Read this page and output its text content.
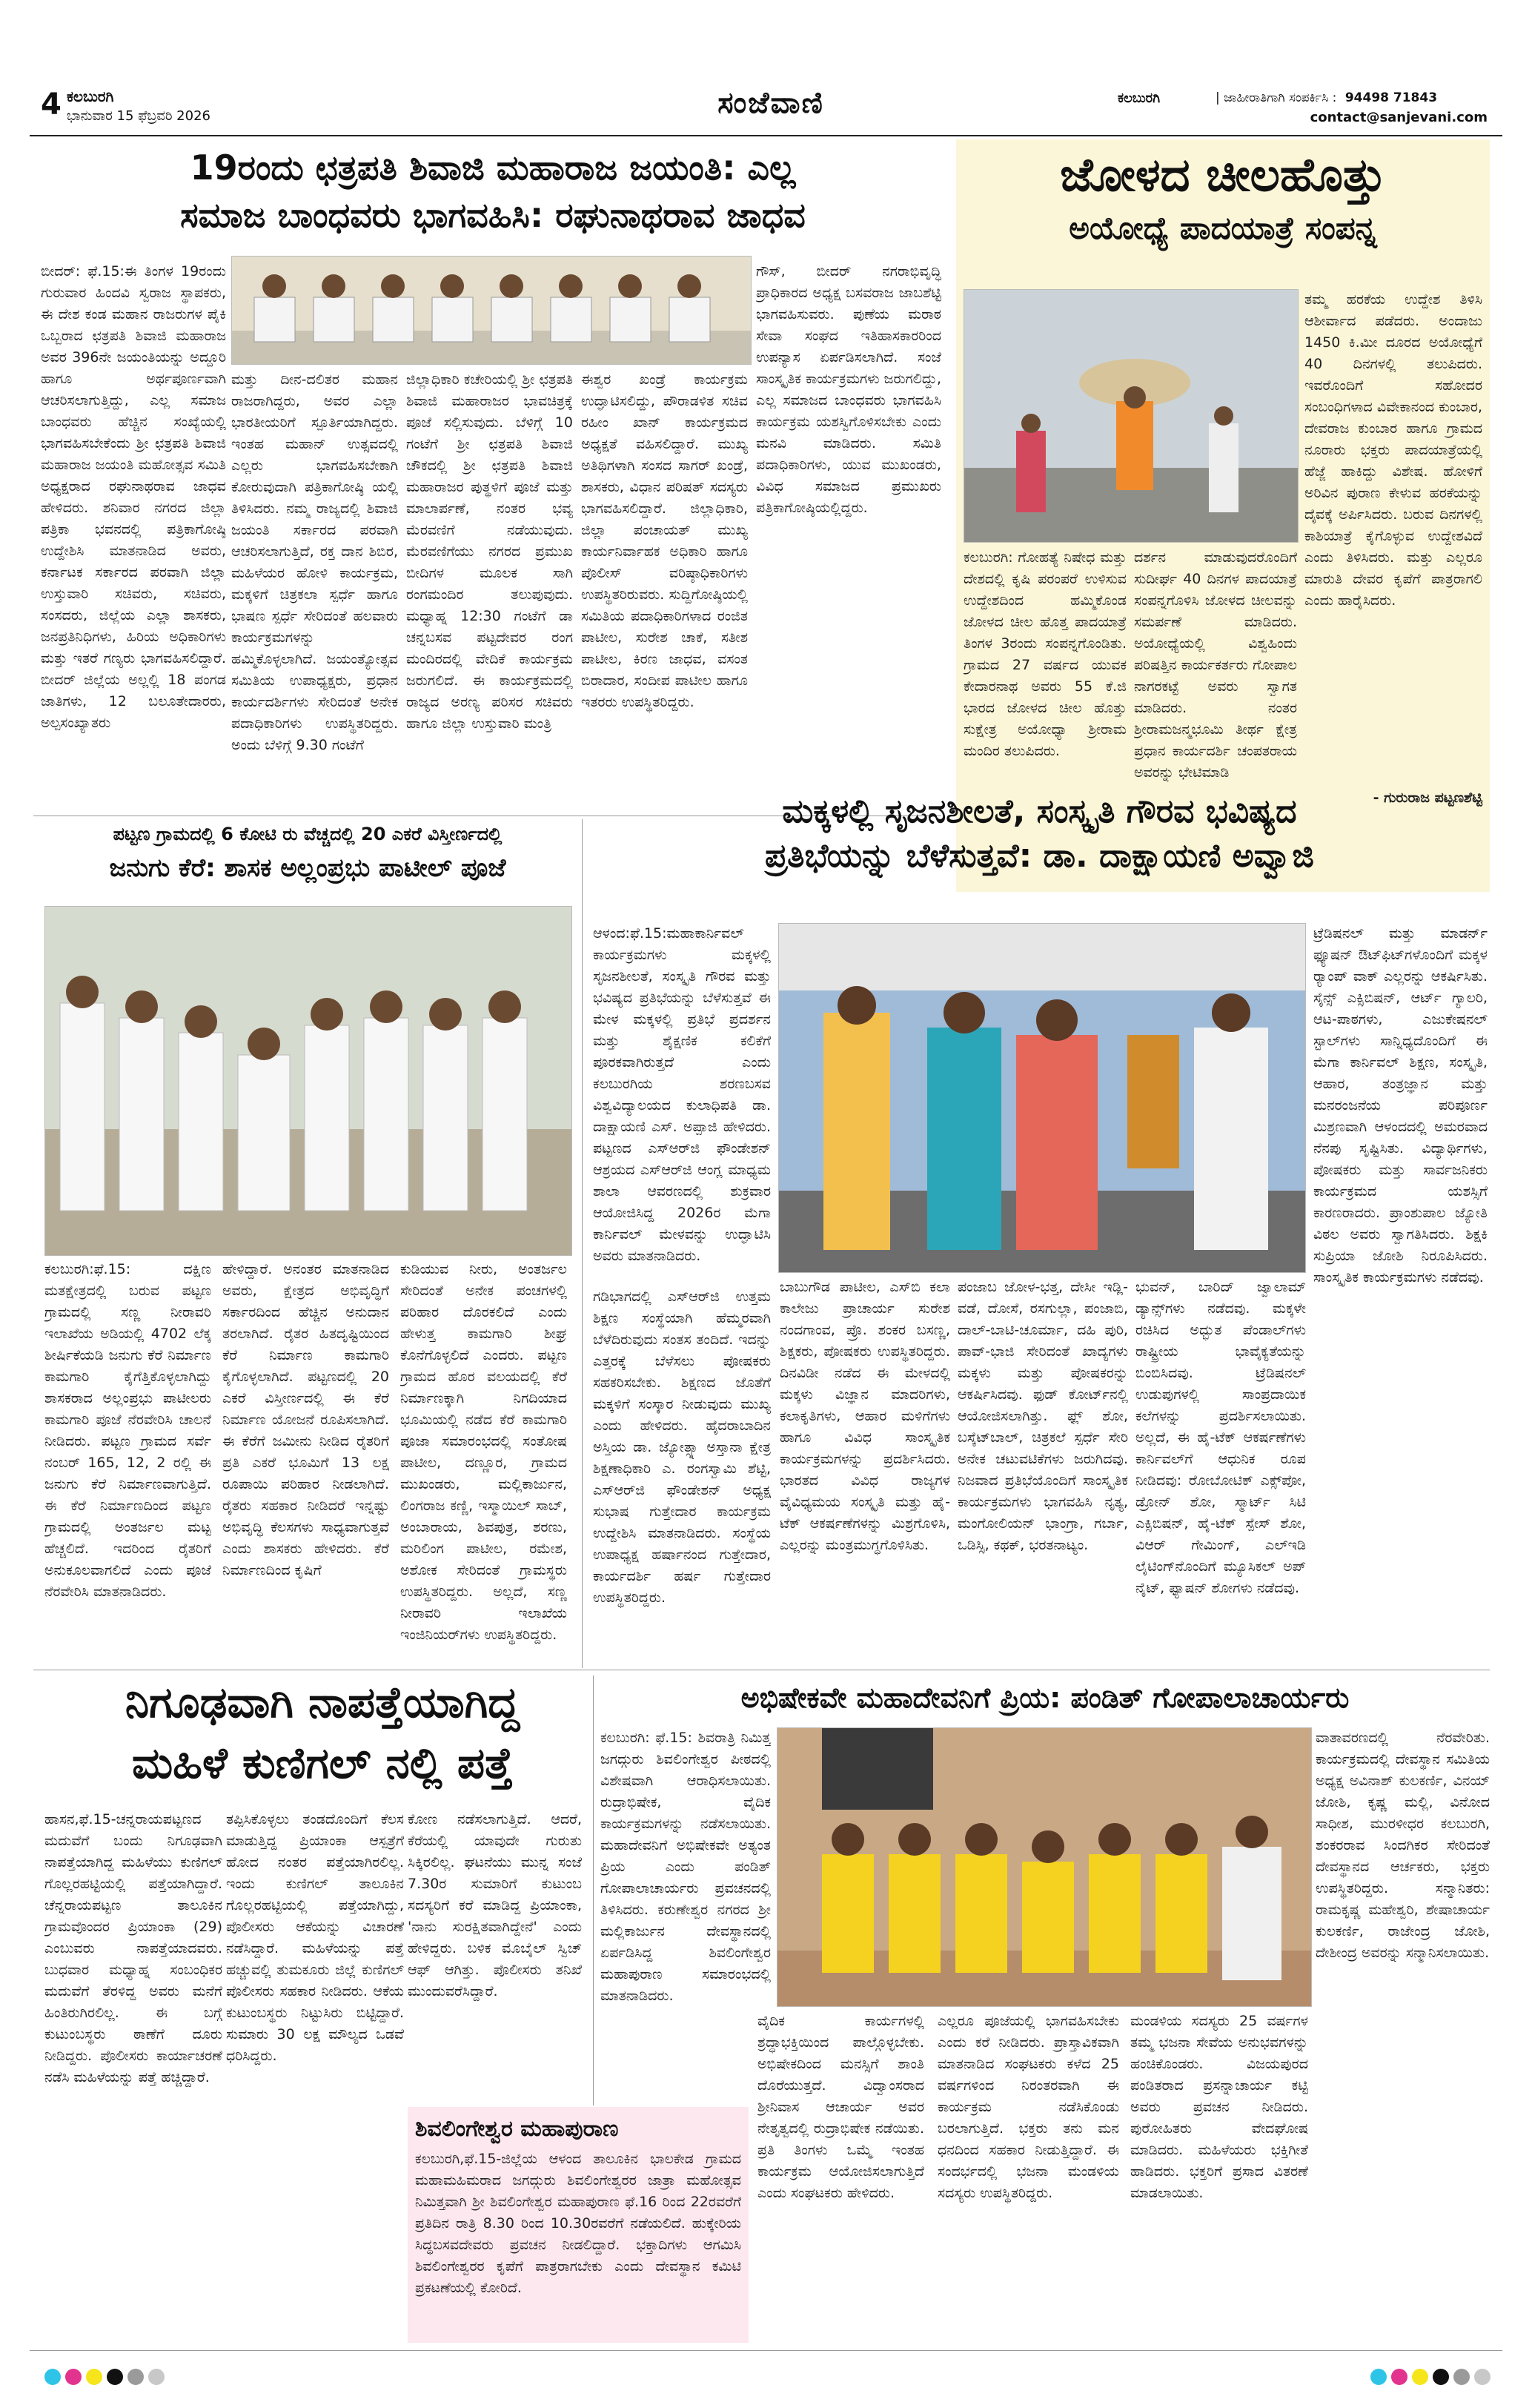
4 ಕಲಬುರಗಿ
ಭಾನುವಾರ 15 ಫೆಬ್ರವರಿ 2026	ಸಂಜೆವಾಣಿ	ಕಲಬುರಗಿ	| ಜಾಹೀರಾತಿಗಾಗಿ ಸಂಪರ್ಕಿಸಿ : 94498 71843
contact@sanjevani.com
19ರಂದು ಛತ್ರಪತಿ ಶಿವಾಜಿ ಮಹಾರಾಜ ಜಯಂತಿ: ಎಲ್ಲ
ಸಮಾಜ ಬಾಂಧವರು ಭಾಗವಹಿಸಿ: ರಘುನಾಥರಾವ ಜಾಧವ
ಬೀದರ್: ಫೆ.15:ಈ ತಿಂಗಳ 19ರಂದು ಗುರುವಾರ ಹಿಂದವಿ ಸ್ವರಾಜ ಸ್ಥಾಪಕರು, ಈ ದೇಶ ಕಂಡ ಮಹಾನ ರಾಜರುಗಳ ಪೈಕಿ ಒಬ್ಬರಾದ ಛತ್ರಪತಿ ಶಿವಾಜಿ ಮಹಾರಾಜ ಅವರ 396ನೇ ಜಯಂತಿಯನ್ನು ಅದ್ದೂರಿ ಹಾಗೂ ಅರ್ಥಪೂರ್ಣವಾಗಿ ಆಚರಿಸಲಾಗುತ್ತಿದ್ದು, ಎಲ್ಲ ಸಮಾಜ ಬಾಂಧವರು ಹೆಚ್ಚಿನ ಸಂಖ್ಯೆಯಲ್ಲಿ ಭಾಗವಹಿಸಬೇಕೆಂದು ಶ್ರೀ ಛತ್ರಪತಿ ಶಿವಾಜಿ ಮಹಾರಾಜ ಜಯಂತಿ ಮಹೋತ್ಸವ ಸಮಿತಿ ಅಧ್ಯಕ್ಷರಾದ ರಘುನಾಥರಾವ ಜಾಧವ ಹೇಳಿದರು. ಶನಿವಾರ ನಗರದ ಜಿಲ್ಲಾ ಪತ್ರಿಕಾ ಭವನದಲ್ಲಿ ಪತ್ರಿಕಾಗೋಷ್ಠಿ ಉದ್ದೇಶಿಸಿ ಮಾತನಾಡಿದ ಅವರು, ಕರ್ನಾಟಕ ಸರ್ಕಾರದ ಪರವಾಗಿ ಜಿಲ್ಲಾ ಉಸ್ತುವಾರಿ ಸಚಿವರು, ಸಚಿವರು, ಸಂಸದರು, ಜಿಲ್ಲೆಯ ಎಲ್ಲಾ ಶಾಸಕರು, ಜನಪ್ರತಿನಿಧಿಗಳು, ಹಿರಿಯ ಅಧಿಕಾರಿಗಳು ಮತ್ತು ಇತರೆ ಗಣ್ಯರು ಭಾಗವಹಿಸಲಿದ್ದಾರೆ. ಬೀದರ್ ಜಿಲ್ಲೆಯ ಅಲ್ಲಲ್ಲಿ 18 ಪಂಗಡ ಜಾತಿಗಳು, 12 ಬಲೂತೇದಾರರು, ಅಲ್ಪಸಂಖ್ಯಾತರು
ಮತ್ತು ದೀನ-ದಲಿತರ ಮಹಾನ ರಾಜರಾಗಿದ್ದರು, ಅವರ ಎಲ್ಲಾ ಭಾರತೀಯರಿಗೆ ಸ್ಪೂರ್ತಿಯಾಗಿದ್ದರು. ಇಂತಹ ಮಹಾನ್ ಉತ್ಸವದಲ್ಲಿ ಎಲ್ಲರು ಭಾಗವಹಿಸಬೇಕಾಗಿ ಕೋರುವುದಾಗಿ ಪತ್ರಿಕಾಗೋಷ್ಠಿ ಯಲ್ಲಿ ತಿಳಿಸಿದರು. ನಮ್ಮ ರಾಜ್ಯದಲ್ಲಿ ಶಿವಾಜಿ ಜಯಂತಿ ಸರ್ಕಾರದ ಪರವಾಗಿ ಆಚರಿಸಲಾಗುತ್ತಿದೆ, ರಕ್ತ ದಾನ ಶಿಬಿರ, ಮಹಿಳೆಯರ ಹೋಳಿ ಕಾರ್ಯಕ್ರಮ, ಮಕ್ಕಳಿಗೆ ಚಿತ್ರಕಲಾ ಸ್ಪರ್ಧೆ ಹಾಗೂ ಭಾಷಣ ಸ್ಪರ್ಧೆ ಸೇರಿದಂತೆ ಹಲವಾರು ಕಾರ್ಯಕ್ರಮಗಳನ್ನು ಹಮ್ಮಿಕೊಳ್ಳಲಾಗಿದೆ. ಜಯಂತ್ಯೋತ್ಸವ ಸಮಿತಿಯ ಉಪಾಧ್ಯಕ್ಷರು, ಪ್ರಧಾನ ಕಾರ್ಯದರ್ಶಿಗಳು ಸೇರಿದಂತೆ ಅನೇಕ ಪದಾಧಿಕಾರಿಗಳು ಉಪಸ್ಥಿತರಿದ್ದರು. ಅಂದು ಬೆಳಿಗ್ಗೆ 9.30 ಗಂಟೆಗೆ
ಜಿಲ್ಲಾಧಿಕಾರಿ ಕಚೇರಿಯಲ್ಲಿ ಶ್ರೀ ಛತ್ರಪತಿ ಶಿವಾಜಿ ಮಹಾರಾಜರ ಭಾವಚಿತ್ರಕ್ಕೆ ಪೂಜೆ ಸಲ್ಲಿಸುವುದು. ಬೆಳಿಗ್ಗೆ 10 ಗಂಟೆಗೆ ಶ್ರೀ ಛತ್ರಪತಿ ಶಿವಾಜಿ ಚೌಕದಲ್ಲಿ ಶ್ರೀ ಛತ್ರಪತಿ ಶಿವಾಜಿ ಮಹಾರಾಜರ ಪುತ್ಥಳಿಗೆ ಪೂಜೆ ಮತ್ತು ಮಾಲಾರ್ಪಣೆ, ನಂತರ ಭವ್ಯ ಮೆರವಣಿಗೆ ನಡೆಯುವುದು. ಮೆರವಣಿಗೆಯು ನಗರದ ಪ್ರಮುಖ ಬೀದಿಗಳ ಮೂಲಕ ಸಾಗಿ ರಂಗಮಂದಿರ ತಲುಪುವುದು. ಮಧ್ಯಾಹ್ನ 12:30 ಗಂಟೆಗೆ ಡಾ ಚನ್ನಬಸವ ಪಟ್ಟದೇವರ ರಂಗ ಮಂದಿರದಲ್ಲಿ ವೇದಿಕೆ ಕಾರ್ಯಕ್ರಮ ಜರುಗಲಿದೆ. ಈ ಕಾರ್ಯಕ್ರಮದಲ್ಲಿ ರಾಜ್ಯದ ಅರಣ್ಯ ಪರಿಸರ ಸಚಿವರು ಹಾಗೂ ಜಿಲ್ಲಾ ಉಸ್ತುವಾರಿ ಮಂತ್ರಿ
ಈಶ್ವರ ಖಂಡ್ರೆ ಕಾರ್ಯಕ್ರಮ ಉದ್ಘಾಟಿಸಲಿದ್ದು, ಪೌರಾಡಳಿತ ಸಚಿವ ರಹೀಂ ಖಾನ್ ಕಾರ್ಯಕ್ರಮದ ಅಧ್ಯಕ್ಷತೆ ವಹಿಸಲಿದ್ದಾರೆ. ಮುಖ್ಯ ಅತಿಥಿಗಳಾಗಿ ಸಂಸದ ಸಾಗರ್ ಖಂಡ್ರೆ, ಶಾಸಕರು, ವಿಧಾನ ಪರಿಷತ್ ಸದಸ್ಯರು ಭಾಗವಹಿಸಲಿದ್ದಾರೆ. ಜಿಲ್ಲಾಧಿಕಾರಿ, ಜಿಲ್ಲಾ ಪಂಚಾಯತ್ ಮುಖ್ಯ ಕಾರ್ಯನಿರ್ವಾಹಕ ಅಧಿಕಾರಿ ಹಾಗೂ ಪೊಲೀಸ್ ವರಿಷ್ಠಾಧಿಕಾರಿಗಳು ಉಪಸ್ಥಿತರಿರುವರು. ಸುದ್ದಿಗೋಷ್ಠಿಯಲ್ಲಿ ಸಮಿತಿಯ ಪದಾಧಿಕಾರಿಗಳಾದ ರಂಜಿತ ಪಾಟೀಲ, ಸುರೇಶ ಚಾಕೆ, ಸತೀಶ ಪಾಟೀಲ, ಕಿರಣ ಜಾಧವ, ವಸಂತ ಬಿರಾದಾರ, ಸಂದೀಪ ಪಾಟೀಲ ಹಾಗೂ ಇತರರು ಉಪಸ್ಥಿತರಿದ್ದರು.
ಗೌಸ್, ಬೀದರ್ ನಗರಾಭಿವೃದ್ಧಿ ಪ್ರಾಧಿಕಾರದ ಅಧ್ಯಕ್ಷ ಬಸವರಾಜ ಜಾಬಶೆಟ್ಟಿ ಭಾಗವಹಿಸುವರು. ಪುಣೆಯ ಮರಾಠ ಸೇವಾ ಸಂಘದ ಇತಿಹಾಸಕಾರರಿಂದ ಉಪನ್ಯಾಸ ಏರ್ಪಡಿಸಲಾಗಿದೆ. ಸಂಜೆ ಸಾಂಸ್ಕೃತಿಕ ಕಾರ್ಯಕ್ರಮಗಳು ಜರುಗಲಿದ್ದು, ಎಲ್ಲ ಸಮಾಜದ ಬಾಂಧವರು ಭಾಗವಹಿಸಿ ಕಾರ್ಯಕ್ರಮ ಯಶಸ್ವಿಗೊಳಿಸಬೇಕು ಎಂದು ಮನವಿ ಮಾಡಿದರು. ಸಮಿತಿ ಪದಾಧಿಕಾರಿಗಳು, ಯುವ ಮುಖಂಡರು, ವಿವಿಧ ಸಮಾಜದ ಪ್ರಮುಖರು ಪತ್ರಿಕಾಗೋಷ್ಠಿಯಲ್ಲಿದ್ದರು.
ಜೋಳದ ಚೀಲಹೊತ್ತು
ಅಯೋಧ್ಯೆ ಪಾದಯಾತ್ರೆ ಸಂಪನ್ನ
ತಮ್ಮ ಹರಕೆಯ ಉದ್ದೇಶ ತಿಳಿಸಿ ಆಶೀರ್ವಾದ ಪಡೆದರು. ಅಂದಾಜು 1450 ಕಿ.ಮೀ ದೂರದ ಅಯೋಧ್ಯೆಗೆ 40 ದಿನಗಳಲ್ಲಿ ತಲುಪಿದರು. ಇವರೊಂದಿಗೆ ಸಹೋದರ ಸಂಬಂಧಿಗಳಾದ ವಿವೇಕಾನಂದ ಕುಂಬಾರ, ದೇವರಾಜ ಕುಂಬಾರ ಹಾಗೂ ಗ್ರಾಮದ ನೂರಾರು ಭಕ್ತರು ಪಾದಯಾತ್ರೆಯಲ್ಲಿ ಹೆಜ್ಜೆ ಹಾಕಿದ್ದು ವಿಶೇಷ. ಹೋಳಿಗೆ ಅರಿವಿನ ಪುರಾಣ ಕೇಳುವ ಹರಕೆಯನ್ನು ದೈವಕ್ಕೆ ಅರ್ಪಿಸಿದರು. ಬರುವ ದಿನಗಳಲ್ಲಿ ಕಾಶಿಯಾತ್ರೆ ಕೈಗೊಳ್ಳುವ ಉದ್ದೇಶವಿದೆ ಎಂದು ತಿಳಿಸಿದರು. ಮತ್ತು ಎಲ್ಲರೂ ಮಾರುತಿ ದೇವರ ಕೃಪೆಗೆ ಪಾತ್ರರಾಗಲಿ ಎಂದು ಹಾರೈಸಿದರು.
ಕಲಬುರಗಿ: ಗೋಹತ್ಯೆ ನಿಷೇಧ ಮತ್ತು ದೇಶದಲ್ಲಿ ಕೃಷಿ ಪರಂಪರೆ ಉಳಿಸುವ ಉದ್ದೇಶದಿಂದ ಹಮ್ಮಿಕೊಂಡ ಜೋಳದ ಚೀಲ ಹೊತ್ತ ಪಾದಯಾತ್ರೆ ತಿಂಗಳ 3ರಂದು ಸಂಪನ್ನಗೊಂಡಿತು. ಗ್ರಾಮದ 27 ವರ್ಷದ ಯುವಕ ಕೇದಾರನಾಥ ಅವರು 55 ಕೆ.ಜಿ ಭಾರದ ಜೋಳದ ಚೀಲ ಹೊತ್ತು ಸುಕ್ಷೇತ್ರ ಅಯೋಧ್ಯಾ ಶ್ರೀರಾಮ ಮಂದಿರ ತಲುಪಿದರು.
ದರ್ಶನ ಮಾಡುವುದರೊಂದಿಗೆ ಸುದೀರ್ಘ 40 ದಿನಗಳ ಪಾದಯಾತ್ರೆ ಸಂಪನ್ನಗೊಳಿಸಿ ಜೋಳದ ಚೀಲವನ್ನು ಸಮರ್ಪಣೆ ಮಾಡಿದರು. ಅಯೋಧ್ಯೆಯಲ್ಲಿ ವಿಶ್ವಹಿಂದು ಪರಿಷತ್ತಿನ ಕಾರ್ಯಕರ್ತರು ಗೋಪಾಲ ನಾಗರಕಟ್ಟೆ ಅವರು ಸ್ವಾಗತ ಮಾಡಿದರು. ನಂತರ ಶ್ರೀರಾಮಜನ್ಮಭೂಮಿ ತೀರ್ಥ ಕ್ಷೇತ್ರ ಪ್ರಧಾನ ಕಾರ್ಯದರ್ಶಿ ಚಂಪತರಾಯ ಅವರನ್ನು ಭೇಟಿಮಾಡಿ
- ಗುರುರಾಜ ಪಟ್ಟಣಶೆಟ್ಟಿ
ಪಟ್ಟಣ ಗ್ರಾಮದಲ್ಲಿ 6 ಕೋಟಿ ರು ವೆಚ್ಚದಲ್ಲಿ 20 ಎಕರೆ ವಿಸ್ತೀರ್ಣದಲ್ಲಿ
ಜನುಗು ಕೆರೆ: ಶಾಸಕ ಅಲ್ಲಂಪ್ರಭು ಪಾಟೀಲ್ ಪೂಜೆ
ಕಲಬುರಗಿ:ಫೆ.15: ದಕ್ಷಿಣ ಮತಕ್ಷೇತ್ರದಲ್ಲಿ ಬರುವ ಪಟ್ಟಣ ಗ್ರಾಮದಲ್ಲಿ ಸಣ್ಣ ನೀರಾವರಿ ಇಲಾಖೆಯ ಅಡಿಯಲ್ಲಿ 4702 ಲೆಕ್ಕ ಶೀರ್ಷಿಕೆಯಡಿ ಜನುಗು ಕೆರೆ ನಿರ್ಮಾಣ ಕಾಮಗಾರಿ ಕೈಗೆತ್ತಿಕೊಳ್ಳಲಾಗಿದ್ದು ಶಾಸಕರಾದ ಅಲ್ಲಂಪ್ರಭು ಪಾಟೀಲರು ಕಾಮಗಾರಿ ಪೂಜೆ ನೆರವೇರಿಸಿ ಚಾಲನೆ ನೀಡಿದರು. ಪಟ್ಟಣ ಗ್ರಾಮದ ಸರ್ವೆ ನಂಬರ್ 165, 12, 2 ರಲ್ಲಿ ಈ ಜನುಗು ಕೆರೆ ನಿರ್ಮಾಣವಾಗುತ್ತಿದೆ. ಈ ಕೆರೆ ನಿರ್ಮಾಣದಿಂದ ಪಟ್ಟಣ ಗ್ರಾಮದಲ್ಲಿ ಅಂತರ್ಜಲ ಮಟ್ಟ ಹೆಚ್ಚಲಿದೆ. ಇದರಿಂದ ರೈತರಿಗೆ ಅನುಕೂಲವಾಗಲಿದೆ ಎಂದು ಪೂಜೆ ನೆರವೇರಿಸಿ ಮಾತನಾಡಿದರು.
ಹೇಳಿದ್ದಾರೆ. ಅನಂತರ ಮಾತನಾಡಿದ ಅವರು, ಕ್ಷೇತ್ರದ ಅಭಿವೃದ್ಧಿಗೆ ಸರ್ಕಾರದಿಂದ ಹೆಚ್ಚಿನ ಅನುದಾನ ತರಲಾಗಿದೆ. ರೈತರ ಹಿತದೃಷ್ಟಿಯಿಂದ ಕೆರೆ ನಿರ್ಮಾಣ ಕಾಮಗಾರಿ ಕೈಗೊಳ್ಳಲಾಗಿದೆ. ಪಟ್ಟಣದಲ್ಲಿ 20 ಎಕರೆ ವಿಸ್ತೀರ್ಣದಲ್ಲಿ ಈ ಕೆರೆ ನಿರ್ಮಾಣ ಯೋಜನೆ ರೂಪಿಸಲಾಗಿದೆ. ಈ ಕೆರೆಗೆ ಜಮೀನು ನೀಡಿದ ರೈತರಿಗೆ ಪ್ರತಿ ಎಕರೆ ಭೂಮಿಗೆ 13 ಲಕ್ಷ ರೂಪಾಯಿ ಪರಿಹಾರ ನೀಡಲಾಗಿದೆ. ರೈತರು ಸಹಕಾರ ನೀಡಿದರೆ ಇನ್ನಷ್ಟು ಅಭಿವೃದ್ಧಿ ಕೆಲಸಗಳು ಸಾಧ್ಯವಾಗುತ್ತವೆ ಎಂದು ಶಾಸಕರು ಹೇಳಿದರು. ಕೆರೆ ನಿರ್ಮಾಣದಿಂದ ಕೃಷಿಗೆ
ಕುಡಿಯುವ ನೀರು, ಅಂತರ್ಜಲ ಸೇರಿದಂತೆ ಅನೇಕ ಪಂಚಗಳಲ್ಲಿ ಪರಿಹಾರ ದೊರಕಲಿದೆ ಎಂದು ಹೇಳುತ್ತ ಕಾಮಗಾರಿ ಶೀಘ್ರ ಕೊನೆಗೊಳ್ಳಲಿದೆ ಎಂದರು. ಪಟ್ಟಣ ಗ್ರಾಮದ ಹೊರ ವಲಯದಲ್ಲಿ ಕೆರೆ ನಿರ್ಮಾಣಕ್ಕಾಗಿ ನಿಗದಿಯಾದ ಭೂಮಿಯಲ್ಲಿ ನಡೆದ ಕೆರೆ ಕಾಮಗಾರಿ ಪೂಜಾ ಸಮಾರಂಭದಲ್ಲಿ ಸಂತೋಷ ಪಾಟೀಲ, ದಣ್ಣೂರ, ಗ್ರಾಮದ ಮುಖಂಡರು, ಮಲ್ಲಿಕಾರ್ಜುನ, ಲಿಂಗರಾಜ ಕಣ್ಣಿ, ಇಸ್ಮಾಯಿಲ್ ಸಾಬ್, ಅಂಬಾರಾಯ, ಶಿವಪುತ್ರ, ಶರಣು, ಮರಿಲಿಂಗ ಪಾಟೀಲ, ರಮೇಶ, ಅಶೋಕ ಸೇರಿದಂತೆ ಗ್ರಾಮಸ್ಥರು ಉಪಸ್ಥಿತರಿದ್ದರು. ಅಲ್ಲದೆ, ಸಣ್ಣ ನೀರಾವರಿ ಇಲಾಖೆಯ ಇಂಜಿನಿಯರ್‌ಗಳು ಉಪಸ್ಥಿತರಿದ್ದರು.
ಮಕ್ಕಳಲ್ಲಿ ಸೃಜನಶೀಲತೆ, ಸಂಸ್ಕೃತಿ ಗೌರವ ಭವಿಷ್ಯದ
ಪ್ರತಿಭೆಯನ್ನು ಬೆಳೆಸುತ್ತವೆ: ಡಾ. ದಾಕ್ಷಾಯಣಿ ಅವ್ವಾಜಿ
ಆಳಂದ:ಫೆ.15:ಮಹಾಕಾರ್ನಿವಲ್ ಕಾರ್ಯಕ್ರಮಗಳು ಮಕ್ಕಳಲ್ಲಿ ಸೃಜನಶೀಲತೆ, ಸಂಸ್ಕೃತಿ ಗೌರವ ಮತ್ತು ಭವಿಷ್ಯದ ಪ್ರತಿಭೆಯನ್ನು ಬೆಳೆಸುತ್ತವೆ ಈ ಮೇಳ ಮಕ್ಕಳಲ್ಲಿ ಪ್ರತಿಭೆ ಪ್ರದರ್ಶನ ಮತ್ತು ಶೈಕ್ಷಣಿಕ ಕಲಿಕೆಗೆ ಪೂರಕವಾಗಿರುತ್ತದೆ ಎಂದು ಕಲಬುರಗಿಯ ಶರಣಬಸವ ವಿಶ್ವವಿದ್ಯಾಲಯದ ಕುಲಾಧಿಪತಿ ಡಾ. ದಾಕ್ಷಾಯಣಿ ಎಸ್. ಅಪ್ಪಾಜಿ ಹೇಳಿದರು. ಪಟ್ಟಣದ ಎಸ್‌ಆರ್‌ಜಿ ಫೌಂಡೇಶನ್ ಆಶ್ರಯದ ಎಸ್‌ಆರ್‌ಜಿ ಆಂಗ್ಲ ಮಾಧ್ಯಮ ಶಾಲಾ ಆವರಣದಲ್ಲಿ ಶುಕ್ರವಾರ ಆಯೋಜಿಸಿದ್ದ 2026ರ ಮೆಗಾ ಕಾರ್ನಿವಲ್ ಮೇಳವನ್ನು ಉದ್ಘಾಟಿಸಿ ಅವರು ಮಾತನಾಡಿದರು.
ಗಡಿಭಾಗದಲ್ಲಿ ಎಸ್‌ಆರ್‌ಜಿ ಉತ್ತಮ ಶಿಕ್ಷಣ ಸಂಸ್ಥೆಯಾಗಿ ಹೆಮ್ಮರವಾಗಿ ಬೆಳೆದಿರುವುದು ಸಂತಸ ತಂದಿದೆ. ಇದನ್ನು ಎತ್ತರಕ್ಕೆ ಬೆಳೆಸಲು ಪೋಷಕರು ಸಹಕರಿಸಬೇಕು. ಶಿಕ್ಷಣದ ಜೊತೆಗೆ ಮಕ್ಕಳಿಗೆ ಸಂಸ್ಕಾರ ನೀಡುವುದು ಮುಖ್ಯ ಎಂದು ಹೇಳಿದರು. ಹೈದರಾಬಾದಿನ ಅಸ್ತಿಯ ಡಾ. ಜ್ಯೋತ್ಸ್ನಾ ಅಸ್ತಾನಾ ಕ್ಷೇತ್ರ ಶಿಕ್ಷಣಾಧಿಕಾರಿ ಎ. ರಂಗಸ್ವಾಮಿ ಶೆಟ್ಟಿ, ಎಸ್‌ಆರ್‌ಜಿ ಫೌಂಡೇಶನ್ ಅಧ್ಯಕ್ಷ ಸುಭಾಷ ಗುತ್ತೇದಾರ ಕಾರ್ಯಕ್ರಮ ಉದ್ದೇಶಿಸಿ ಮಾತನಾಡಿದರು. ಸಂಸ್ಥೆಯ ಉಪಾಧ್ಯಕ್ಷ ಹರ್ಷಾನಂದ ಗುತ್ತೇದಾರ, ಕಾರ್ಯದರ್ಶಿ ಹರ್ಷ ಗುತ್ತೇದಾರ ಉಪಸ್ಥಿತರಿದ್ದರು.
ಬಾಬುಗೌಡ ಪಾಟೀಲ, ಎಸ್‌ಬಿ ಕಲಾ ಕಾಲೇಜು ಪ್ರಾಚಾರ್ಯ ಸುರೇಶ ನಂದಗಾಂವ, ಪ್ರೊ. ಶಂಕರ ಬಸಣ್ಣ, ಶಿಕ್ಷಕರು, ಪೋಷಕರು ಉಪಸ್ಥಿತರಿದ್ದರು. ದಿನವಿಡೀ ನಡೆದ ಈ ಮೇಳದಲ್ಲಿ ಮಕ್ಕಳು ವಿಜ್ಞಾನ ಮಾದರಿಗಳು, ಕಲಾಕೃತಿಗಳು, ಆಹಾರ ಮಳಿಗೆಗಳು ಹಾಗೂ ವಿವಿಧ ಸಾಂಸ್ಕೃತಿಕ ಕಾರ್ಯಕ್ರಮಗಳನ್ನು ಪ್ರದರ್ಶಿಸಿದರು. ಭಾರತದ ವಿವಿಧ ರಾಜ್ಯಗಳ ವೈವಿಧ್ಯಮಯ ಸಂಸ್ಕೃತಿ ಮತ್ತು ಹೈ-ಟೆಕ್ ಆಕರ್ಷಣೆಗಳನ್ನು ಮಿಶ್ರಗೊಳಿಸಿ, ಎಲ್ಲರನ್ನು ಮಂತ್ರಮುಗ್ಧಗೊಳಿಸಿತು.
ಪಂಜಾಬ ಜೋಳ-ಭತ್ತ, ದೇಸೀ ಇಡ್ಲಿ-ವಡೆ, ದೋಸೆ, ರಸಗುಲ್ಲಾ, ಪಂಜಾಬಿ, ದಾಲ್-ಬಾಟಿ-ಚೂರ್ಮಾ, ದಹಿ ಪುರಿ, ಪಾವ್-ಭಾಜಿ ಸೇರಿದಂತೆ ಖಾದ್ಯಗಳು ಮಕ್ಕಳು ಮತ್ತು ಪೋಷಕರನ್ನು ಆಕರ್ಷಿಸಿದವು. ಫುಡ್ ಕೋರ್ಟ್‌ನಲ್ಲಿ ಆಯೋಜಿಸಲಾಗಿತ್ತು. ಫ್ಲ್ ಶೋ, ಬಸ್ಕೆಟ್‌ಬಾಲ್, ಚಿತ್ರಕಲೆ ಸ್ಪರ್ಧೆ ಸೇರಿ ಅನೇಕ ಚಟುವಟಿಕೆಗಳು ಜರುಗಿದವು. ನಿಜವಾದ ಪ್ರತಿಭೆಯೊಂದಿಗೆ ಸಾಂಸ್ಕೃತಿಕ ಕಾರ್ಯಕ್ರಮಗಳು ಭಾಗವಹಿಸಿ ನೃತ್ಯ, ಮಂಗೋಲಿಯನ್ ಭಾಂಗ್ರಾ, ಗರ್ಬಾ, ಒಡಿಸ್ಸಿ, ಕಥಕ್, ಭರತನಾಟ್ಯಂ.
ಭುವನ್, ಬಾರಿದ್ ಜ್ವಾಲಾಮ್ ಡ್ಯಾನ್ಸ್‌ಗಳು ನಡೆದವು. ಮಕ್ಕಳೇ ರಚಿಸಿದ ಅದ್ಭುತ ಪೆಂಡಾಲ್‌ಗಳು ರಾಷ್ಟ್ರೀಯ ಭಾವೈಕ್ಯತೆಯನ್ನು ಬಿಂಬಿಸಿದವು. ಟ್ರೆಡಿಷನಲ್ ಉಡುಪುಗಳಲ್ಲಿ ಸಾಂಪ್ರದಾಯಿಕ ಕಲೆಗಳನ್ನು ಪ್ರದರ್ಶಿಸಲಾಯಿತು. ಅಲ್ಲದೆ, ಈ ಹೈ-ಟೆಕ್ ಆಕರ್ಷಣೆಗಳು ಕಾರ್ನಿವಲ್‌ಗೆ ಆಧುನಿಕ ರೂಪ ನೀಡಿದವು: ರೋಬೋಟಿಕ್ ಎಕ್ಸ್‌ಪೋ, ಡ್ರೋನ್ ಶೋ, ಸ್ಮಾರ್ಟ್ ಸಿಟಿ ಎಕ್ಸಿಬಿಷನ್, ಹೈ-ಟೆಕ್ ಸ್ಪೇಸ್ ಶೋ, ವಿಆರ್ ಗೇಮಿಂಗ್, ಎಲ್‌ಇಡಿ ಲೈಟಿಂಗ್‌ನೊಂದಿಗೆ ಮ್ಯೂಸಿಕಲ್ ಅಪ್ ನೈಟ್, ಫ್ಯಾಷನ್ ಶೋಗಳು ನಡೆದವು.
ಟ್ರೆಡಿಷನಲ್ ಮತ್ತು ಮಾಡರ್ನ್ ಫ್ಯೂಷನ್ ಔಟ್‌ಫಿಟ್‌ಗಳೊಂದಿಗೆ ಮಕ್ಕಳ ರ‍್ಯಾಂಪ್ ವಾಕ್ ಎಲ್ಲರನ್ನು ಆಕರ್ಷಿಸಿತು. ಸೈನ್ಸ್ ಎಕ್ಸಿಬಿಷನ್, ಆರ್ಟ್ ಗ್ಯಾಲರಿ, ಆಟ-ಪಾಠಗಳು, ಎಜುಕೇಷನಲ್ ಸ್ಟಾಲ್‌ಗಳು ಸಾನ್ನಿಧ್ಯದೊಂದಿಗೆ ಈ ಮೆಗಾ ಕಾರ್ನಿವಲ್ ಶಿಕ್ಷಣ, ಸಂಸ್ಕೃತಿ, ಆಹಾರ, ತಂತ್ರಜ್ಞಾನ ಮತ್ತು ಮನರಂಜನೆಯ ಪರಿಪೂರ್ಣ ಮಿಶ್ರಣವಾಗಿ ಆಳಂದದಲ್ಲಿ ಅಮರವಾದ ನೆನಪು ಸೃಷ್ಟಿಸಿತು. ವಿದ್ಯಾರ್ಥಿಗಳು, ಪೋಷಕರು ಮತ್ತು ಸಾರ್ವಜನಿಕರು ಕಾರ್ಯಕ್ರಮದ ಯಶಸ್ಸಿಗೆ ಕಾರಣರಾದರು. ಪ್ರಾಂಶುಪಾಲ ಜ್ಯೋತಿ ವಿಠಲ ಅವರು ಸ್ವಾಗತಿಸಿದರು. ಶಿಕ್ಷಕಿ ಸುಪ್ರಿಯಾ ಜೋಶಿ ನಿರೂಪಿಸಿದರು. ಸಾಂಸ್ಕೃತಿಕ ಕಾರ್ಯಕ್ರಮಗಳು ನಡೆದವು.
ನಿಗೂಢವಾಗಿ ನಾಪತ್ತೆಯಾಗಿದ್ದ
ಮಹಿಳೆ ಕುಣಿಗಲ್ ನಲ್ಲಿ ಪತ್ತೆ
ಹಾಸನ,ಫೆ.15-ಚನ್ನರಾಯಪಟ್ಟಣದ ಮದುವೆಗೆ ಬಂದು ನಿಗೂಢವಾಗಿ ನಾಪತ್ತೆಯಾಗಿದ್ದ ಮಹಿಳೆಯು ಕುಣಿಗಲ್ ಗೊಲ್ಲರಹಟ್ಟಿಯಲ್ಲಿ ಪತ್ತೆಯಾಗಿದ್ದಾರೆ. ಚೆನ್ನರಾಯಪಟ್ಟಣ ತಾಲೂಕಿನ ಗ್ರಾಮವೊಂದರ ಪ್ರಿಯಾಂಕಾ (29) ಎಂಬುವರು ನಾಪತ್ತೆಯಾದವರು. ಬುಧವಾರ ಮಧ್ಯಾಹ್ನ ಸಂಬಂಧಿಕರ ಮದುವೆಗೆ ತೆರಳಿದ್ದ ಅವರು ಮನೆಗೆ ಹಿಂತಿರುಗಿರಲಿಲ್ಲ. ಈ ಬಗ್ಗೆ ಕುಟುಂಬಸ್ಥರು ಠಾಣೆಗೆ ದೂರು ನೀಡಿದ್ದರು. ಪೊಲೀಸರು ಕಾರ್ಯಾಚರಣೆ ನಡೆಸಿ ಮಹಿಳೆಯನ್ನು ಪತ್ತೆ ಹಚ್ಚಿದ್ದಾರೆ.
ತಪ್ಪಿಸಿಕೊಳ್ಳಲು ತಂಡದೊಂದಿಗೆ ಕೆಲಸ ಮಾಡುತ್ತಿದ್ದ ಪ್ರಿಯಾಂಕಾ ಆಸ್ಪತ್ರೆಗೆ ಹೋದ ನಂತರ ಪತ್ತೆಯಾಗಿರಲಿಲ್ಲ. ಇಂದು ಕುಣಿಗಲ್ ತಾಲೂಕಿನ ಗೊಲ್ಲರಹಟ್ಟಿಯಲ್ಲಿ ಪತ್ತೆಯಾಗಿದ್ದು, ಪೊಲೀಸರು ಆಕೆಯನ್ನು ವಿಚಾರಣೆ ನಡೆಸಿದ್ದಾರೆ. ಮಹಿಳೆಯನ್ನು ಪತ್ತೆ ಹಚ್ಚುವಲ್ಲಿ ತುಮಕೂರು ಜಿಲ್ಲೆ ಕುಣಿಗಲ್ ಪೊಲೀಸರು ಸಹಕಾರ ನೀಡಿದರು. ಆಕೆಯ ಕುಟುಂಬಸ್ಥರು ನಿಟ್ಟುಸಿರು ಬಿಟ್ಟಿದ್ದಾರೆ. ಸುಮಾರು 30 ಲಕ್ಷ ಮೌಲ್ಯದ ಒಡವೆ ಧರಿಸಿದ್ದರು.
ಕೋಣ ನಡೆಸಲಾಗುತ್ತಿದೆ. ಆದರೆ, ಕೆರೆಯಲ್ಲಿ ಯಾವುದೇ ಗುರುತು ಸಿಕ್ಕಿರಲಿಲ್ಲ. ಘಟನೆಯು ಮುನ್ನ ಸಂಜೆ 7.30ರ ಸುಮಾರಿಗೆ ಕುಟುಂಬ ಸದಸ್ಯರಿಗೆ ಕರೆ ಮಾಡಿದ್ದ ಪ್ರಿಯಾಂಕಾ, 'ನಾನು ಸುರಕ್ಷಿತವಾಗಿದ್ದೇನೆ' ಎಂದು ಹೇಳಿದ್ದರು. ಬಳಿಕ ಮೊಬೈಲ್ ಸ್ವಿಚ್ ಆಫ್ ಆಗಿತ್ತು. ಪೊಲೀಸರು ತನಿಖೆ ಮುಂದುವರೆಸಿದ್ದಾರೆ.
ಶಿವಲಿಂಗೇಶ್ವರ ಮಹಾಪುರಾಣ
ಕಲಬುರಗಿ,ಫೆ.15-ಜಿಲ್ಲೆಯ ಆಳಂದ ತಾಲೂಕಿನ ಭಾಲಕೇಡ ಗ್ರಾಮದ ಮಹಾಮಹಿಮರಾದ ಜಗದ್ಗುರು ಶಿವಲಿಂಗೇಶ್ವರರ ಜಾತ್ರಾ ಮಹೋತ್ಸವ ನಿಮಿತ್ತವಾಗಿ ಶ್ರೀ ಶಿವಲಿಂಗೇಶ್ವರ ಮಹಾಪುರಾಣ ಫೆ.16 ರಿಂದ 22ರವರೆಗೆ ಪ್ರತಿದಿನ ರಾತ್ರಿ 8.30 ರಿಂದ 10.30ರವರೆಗೆ ನಡೆಯಲಿದೆ. ಹುಕ್ಕೇರಿಯ ಸಿದ್ಧಬಸವದೇವರು ಪ್ರವಚನ ನೀಡಲಿದ್ದಾರೆ. ಭಕ್ತಾದಿಗಳು ಆಗಮಿಸಿ ಶಿವಲಿಂಗೇಶ್ವರರ ಕೃಪೆಗೆ ಪಾತ್ರರಾಗಬೇಕು ಎಂದು ದೇವಸ್ಥಾನ ಕಮಿಟಿ ಪ್ರಕಟಣೆಯಲ್ಲಿ ಕೋರಿದೆ.
ಅಭಿಷೇಕವೇ ಮಹಾದೇವನಿಗೆ ಪ್ರಿಯ: ಪಂಡಿತ್ ಗೋಪಾಲಾಚಾರ್ಯರು
ಕಲಬುರಗಿ: ಫೆ.15: ಶಿವರಾತ್ರಿ ನಿಮಿತ್ತ ಜಗದ್ಗುರು ಶಿವಲಿಂಗೇಶ್ವರ ಪೀಠದಲ್ಲಿ ವಿಶೇಷವಾಗಿ ಆರಾಧಿಸಲಾಯಿತು. ರುದ್ರಾಭಿಷೇಕ, ವೈದಿಕ ಕಾರ್ಯಕ್ರಮಗಳನ್ನು ನಡೆಸಲಾಯಿತು. ಮಹಾದೇವನಿಗೆ ಅಭಿಷೇಕವೇ ಅತ್ಯಂತ ಪ್ರಿಯ ಎಂದು ಪಂಡಿತ್ ಗೋಪಾಲಾಚಾರ್ಯರು ಪ್ರವಚನದಲ್ಲಿ ತಿಳಿಸಿದರು. ಕರುಣೇಶ್ವರ ನಗರದ ಶ್ರೀ ಮಲ್ಲಿಕಾರ್ಜುನ ದೇವಸ್ಥಾನದಲ್ಲಿ ಏರ್ಪಡಿಸಿದ್ದ ಶಿವಲಿಂಗೇಶ್ವರ ಮಹಾಪುರಾಣ ಸಮಾರಂಭದಲ್ಲಿ ಮಾತನಾಡಿದರು.
ವೈದಿಕ ಕಾರ್ಯಗಳಲ್ಲಿ ಶ್ರದ್ಧಾಭಕ್ತಿಯಿಂದ ಪಾಲ್ಗೊಳ್ಳಬೇಕು. ಅಭಿಷೇಕದಿಂದ ಮನಸ್ಸಿಗೆ ಶಾಂತಿ ದೊರೆಯುತ್ತದೆ. ವಿದ್ವಾಂಸರಾದ ಶ್ರೀನಿವಾಸ ಆಚಾರ್ಯ ಅವರ ನೇತೃತ್ವದಲ್ಲಿ ರುದ್ರಾಭಿಷೇಕ ನಡೆಯಿತು. ಪ್ರತಿ ತಿಂಗಳು ಒಮ್ಮೆ ಇಂತಹ ಕಾರ್ಯಕ್ರಮ ಆಯೋಜಿಸಲಾಗುತ್ತಿದೆ ಎಂದು ಸಂಘಟಕರು ಹೇಳಿದರು.
ಎಲ್ಲರೂ ಪೂಜೆಯಲ್ಲಿ ಭಾಗವಹಿಸಬೇಕು ಎಂದು ಕರೆ ನೀಡಿದರು. ಪ್ರಾಸ್ತಾವಿಕವಾಗಿ ಮಾತನಾಡಿದ ಸಂಘಟಕರು ಕಳೆದ 25 ವರ್ಷಗಳಿಂದ ನಿರಂತರವಾಗಿ ಈ ಕಾರ್ಯಕ್ರಮ ನಡೆಸಿಕೊಂಡು ಬರಲಾಗುತ್ತಿದೆ. ಭಕ್ತರು ತನು ಮನ ಧನದಿಂದ ಸಹಕಾರ ನೀಡುತ್ತಿದ್ದಾರೆ. ಈ ಸಂದರ್ಭದಲ್ಲಿ ಭಜನಾ ಮಂಡಳಿಯ ಸದಸ್ಯರು ಉಪಸ್ಥಿತರಿದ್ದರು.
ಮಂಡಳಿಯ ಸದಸ್ಯರು 25 ವರ್ಷಗಳ ತಮ್ಮ ಭಜನಾ ಸೇವೆಯ ಅನುಭವಗಳನ್ನು ಹಂಚಿಕೊಂಡರು. ವಿಜಯಪುರದ ಪಂಡಿತರಾದ ಪ್ರಸನ್ನಾಚಾರ್ಯ ಕಟ್ಟಿ ಅವರು ಪ್ರವಚನ ನೀಡಿದರು. ಪುರೋಹಿತರು ವೇದಘೋಷ ಮಾಡಿದರು. ಮಹಿಳೆಯರು ಭಕ್ತಿಗೀತೆ ಹಾಡಿದರು. ಭಕ್ತರಿಗೆ ಪ್ರಸಾದ ವಿತರಣೆ ಮಾಡಲಾಯಿತು.
ವಾತಾವರಣದಲ್ಲಿ ನೆರವೇರಿತು. ಕಾರ್ಯಕ್ರಮದಲ್ಲಿ ದೇವಸ್ಥಾನ ಸಮಿತಿಯ ಅಧ್ಯಕ್ಷ ಅವಿನಾಶ್ ಕುಲಕರ್ಣಿ, ವಿನಯ್ ಜೋಶಿ, ಕೃಷ್ಣ ಮಲ್ಲಿ, ವಿನೋದ ಸಾಧೀಶ, ಮುರಳೀಧರ ಕಲಬುರಗಿ, ಶಂಕರರಾವ ಸಿಂದಗಿಕರ ಸೇರಿದಂತೆ ದೇವಸ್ಥಾನದ ಆರ್ಚಕರು, ಭಕ್ತರು ಉಪಸ್ಥಿತರಿದ್ದರು. ಸನ್ಮಾನಿತರು: ರಾಮಕೃಷ್ಣ ಮಹೇಶ್ವರಿ, ಶೇಷಾಚಾರ್ಯ ಕುಲಕರ್ಣಿ, ರಾಜೇಂದ್ರ ಜೋಶಿ, ದೇಶೀಂದ್ರ ಅವರನ್ನು ಸನ್ಮಾನಿಸಲಾಯಿತು.
